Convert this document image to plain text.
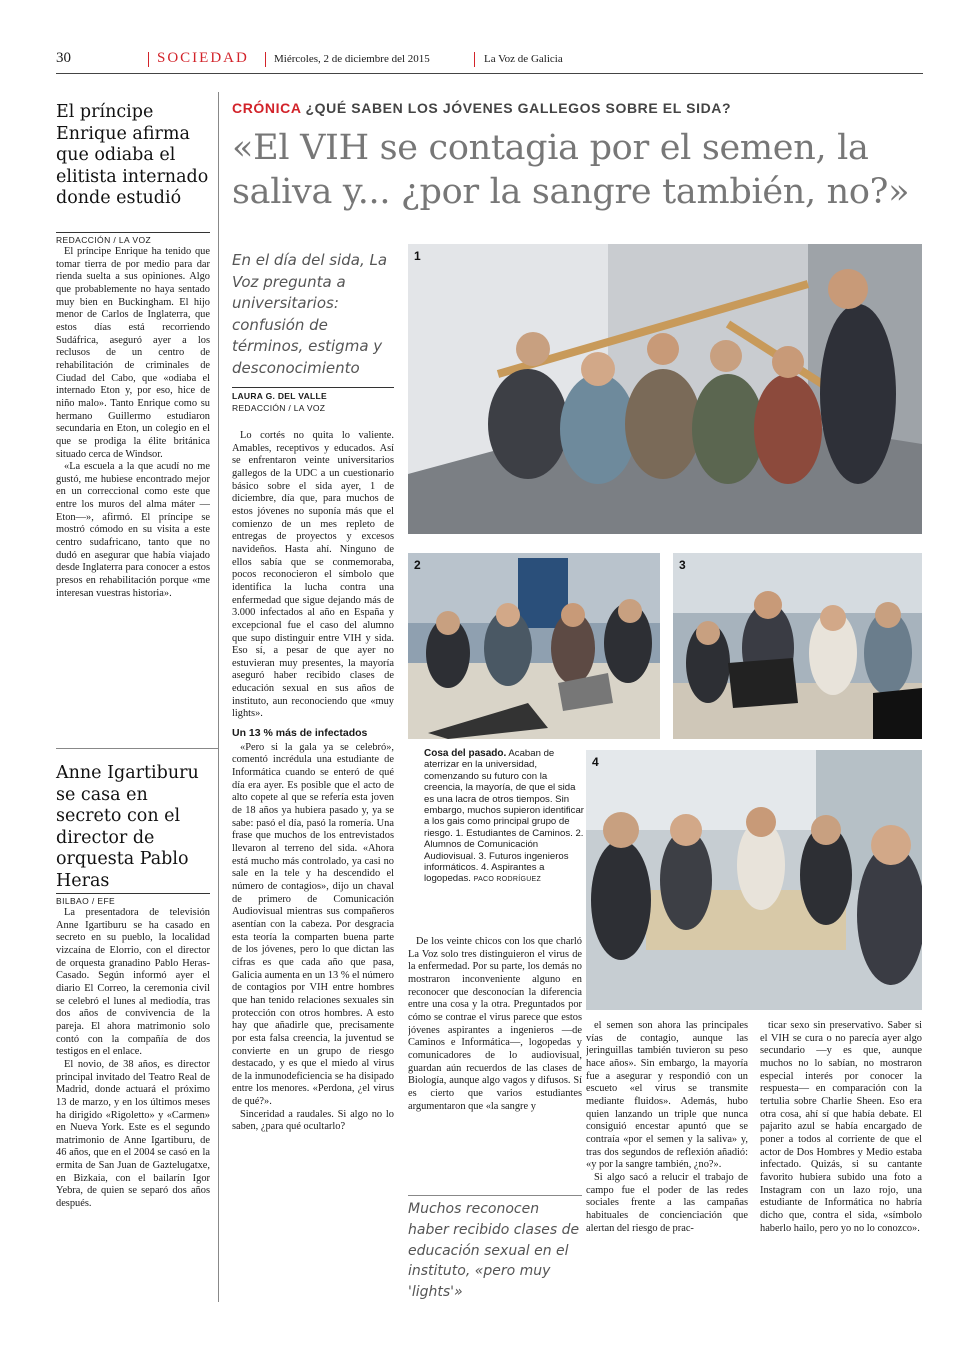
30	SOCIEDAD Miércoles, 2 de diciembre del 2015	La Voz de Galicia
El príncipe Enrique afirma que odiaba el elitista internado donde estudió
REDACCIÓN / LA VOZ

El príncipe Enrique ha tenido que tomar tierra de por medio para dar rienda suelta a sus opiniones. Algo que probablemente no haya sentado muy bien en Buckingham. El hijo menor de Carlos de Inglaterra, que estos días está recorriendo Sudáfrica, aseguró ayer a los reclusos de un centro de rehabilitación de criminales de Ciudad del Cabo, que «odiaba el internado Eton y, por eso, hice de niño malo». Tanto Enrique como su hermano Guillermo estudiaron secundaria en Eton, un colegio en el que se prodiga la élite británica situado cerca de Windsor.

«La escuela a la que acudí no me gustó, me hubiese encontrado mejor en un correccional como este que entre los muros del alma máter —Eton—», afirmó. El príncipe se mostró cómodo en su visita a este centro sudafricano, tanto que no dudó en asegurar que había viajado desde Inglaterra para conocer a estos presos en rehabilitación porque «me interesan vuestras historia».

Anne Igartiburu se casa en secreto con el director de orquesta Pablo Heras
BILBAO / EFE

La presentadora de televisión Anne Igartiburu se ha casado en secreto en su pueblo, la localidad vizcaína de Elorrio, con el director de orquesta granadino Pablo Heras-Casado. Según informó ayer el diario El Correo, la ceremonia civil se celebró el lunes al mediodía, tras dos años de convivencia de la pareja. El ahora matrimonio solo contó con la compañía de dos testigos en el enlace.

El novio, de 38 años, es director principal invitado del Teatro Real de Madrid, donde actuará el próximo 13 de marzo, y en los últimos meses ha dirigido «Rigoletto» y «Carmen» en Nueva York. Este es el segundo matrimonio de Anne Igartiburu, de 46 años, que en el 2004 se casó en la ermita de San Juan de Gaztelugatxe, en Bizkaia, con el bailarín Igor Yebra, de quien se separó dos años después.

CRÓNICA ¿QUÉ SABEN LOS JÓVENES GALLEGOS SOBRE EL SIDA?
«El VIH se contagia por el semen, la saliva y... ¿por la sangre también, no?»
En el día del sida, La Voz pregunta a universitarios: confusión de términos, estigma y desconocimiento
LAURA G. DEL VALLE
REDACCIÓN / LA VOZ
1
2	3
4

Lo cortés no quita lo valiente. Amables, receptivos y educados. Así se enfrentaron veinte universitarios gallegos de la UDC a un cuestionario básico sobre el sida ayer, 1 de diciembre, día que, para muchos de estos jóvenes no suponía más que el comienzo de un mes repleto de entregas de proyectos y excesos navideños. Hasta ahí. Ninguno de ellos sabía que se conmemoraba, pocos reconocieron el símbolo que identifica la lucha contra una enfermedad que sigue dejando más de 3.000 infectados al año en España y excepcional fue el caso del alumno que supo distinguir entre VIH y sida. Eso sí, a pesar de que ayer no estuvieran muy presentes, la mayoría aseguró haber recibido clases de educación sexual en sus años de instituto, aun reconociendo que «muy lights».

Un 13 % más de infectados

«Pero si la gala ya se celebró», comentó incrédula una estudiante de Informática cuando se enteró de qué día era ayer. Es posible que el acto de alto copete al que se refería esta joven de 18 años ya hubiera pasado y, ya se sabe: pasó el día, pasó la romería. Una frase que muchos de los entrevistados llevaron al terreno del sida. «Ahora está mucho más controlado, ya casi no sale en la tele y ha descendido el número de contagios», dijo un chaval de primero de Comunicación Audiovisual mientras sus compañeros asentían con la cabeza. Por desgracia esta teoría la comparten buena parte de los jóvenes, pero lo que dictan las cifras es que cada año que pasa, Galicia aumenta en un 13 % el número de contagios por VIH entre hombres que han tenido relaciones sexuales sin protección con otros hombres. A esto hay que añadirle que, precisamente por esta falsa creencia, la juventud se convierte en un grupo de riesgo destacado, y es que el miedo al virus de la inmunodeficiencia se ha disipado entre los menores. «Perdona, ¿el virus de qué?».

Sinceridad a raudales. Si algo no lo saben, ¿para qué ocultarlo?

Cosa del pasado. Acaban de aterrizar en la universidad, comenzando su futuro con la creencia, la mayoría, de que el sida es una lacra de otros tiempos. Sin embargo, muchos supieron identificar a los gais como principal grupo de riesgo. 1. Estudiantes de Caminos. 2. Alumnos de Comunicación Audiovisual. 3. Futuros ingenieros informáticos. 4. Aspirantes a logopedas. PACO RODRÍGUEZ

De los veinte chicos con los que charló La Voz solo tres distinguieron el virus de la enfermedad. Por su parte, los demás no mostraron inconveniente alguno en reconocer que desconocían la diferencia entre una cosa y la otra. Preguntados por cómo se contrae el virus parece que estos jóvenes aspirantes a ingenieros —de Caminos e Informática—, logopedas y comunicadores de lo audiovisual, guardan aún recuerdos de las clases de Biología, aunque algo vagos y difusos. Sí es cierto que varios estudiantes argumentaron que «la sangre y

Muchos reconocen haber recibido clases de educación sexual en el instituto, «pero muy 'lights'»

el semen son ahora las principales vías de contagio, aunque las jeringuillas también tuvieron su peso hace años». Sin embargo, la mayoría fue a asegurar y respondió con un escueto «el virus se transmite mediante fluidos». Además, hubo quien lanzando un triple que nunca consiguió encestar apuntó que se contraía «por el semen y la saliva» y, tras dos segundos de reflexión añadió: «y por la sangre también, ¿no?».

Si algo sacó a relucir el trabajo de campo fue el poder de las redes sociales frente a las campañas habituales de concienciación que alertan del riesgo de prac-

ticar sexo sin preservativo. Saber si el VIH se cura o no parecía ayer algo secundario —y es que, aunque muchos no lo sabían, no mostraron especial interés por conocer la respuesta— en comparación con la tertulia sobre Charlie Sheen. Eso era otra cosa, ahí sí que había debate. El pajarito azul se había encargado de poner a todos al corriente de que el actor de Dos Hombres y Medio estaba infectado. Quizás, si su cantante favorito hubiera subido una foto a Instagram con un lazo rojo, una estudiante de Informática no habría dicho que, contra el sida, «símbolo haberlo hailo, pero yo no lo conozco».
